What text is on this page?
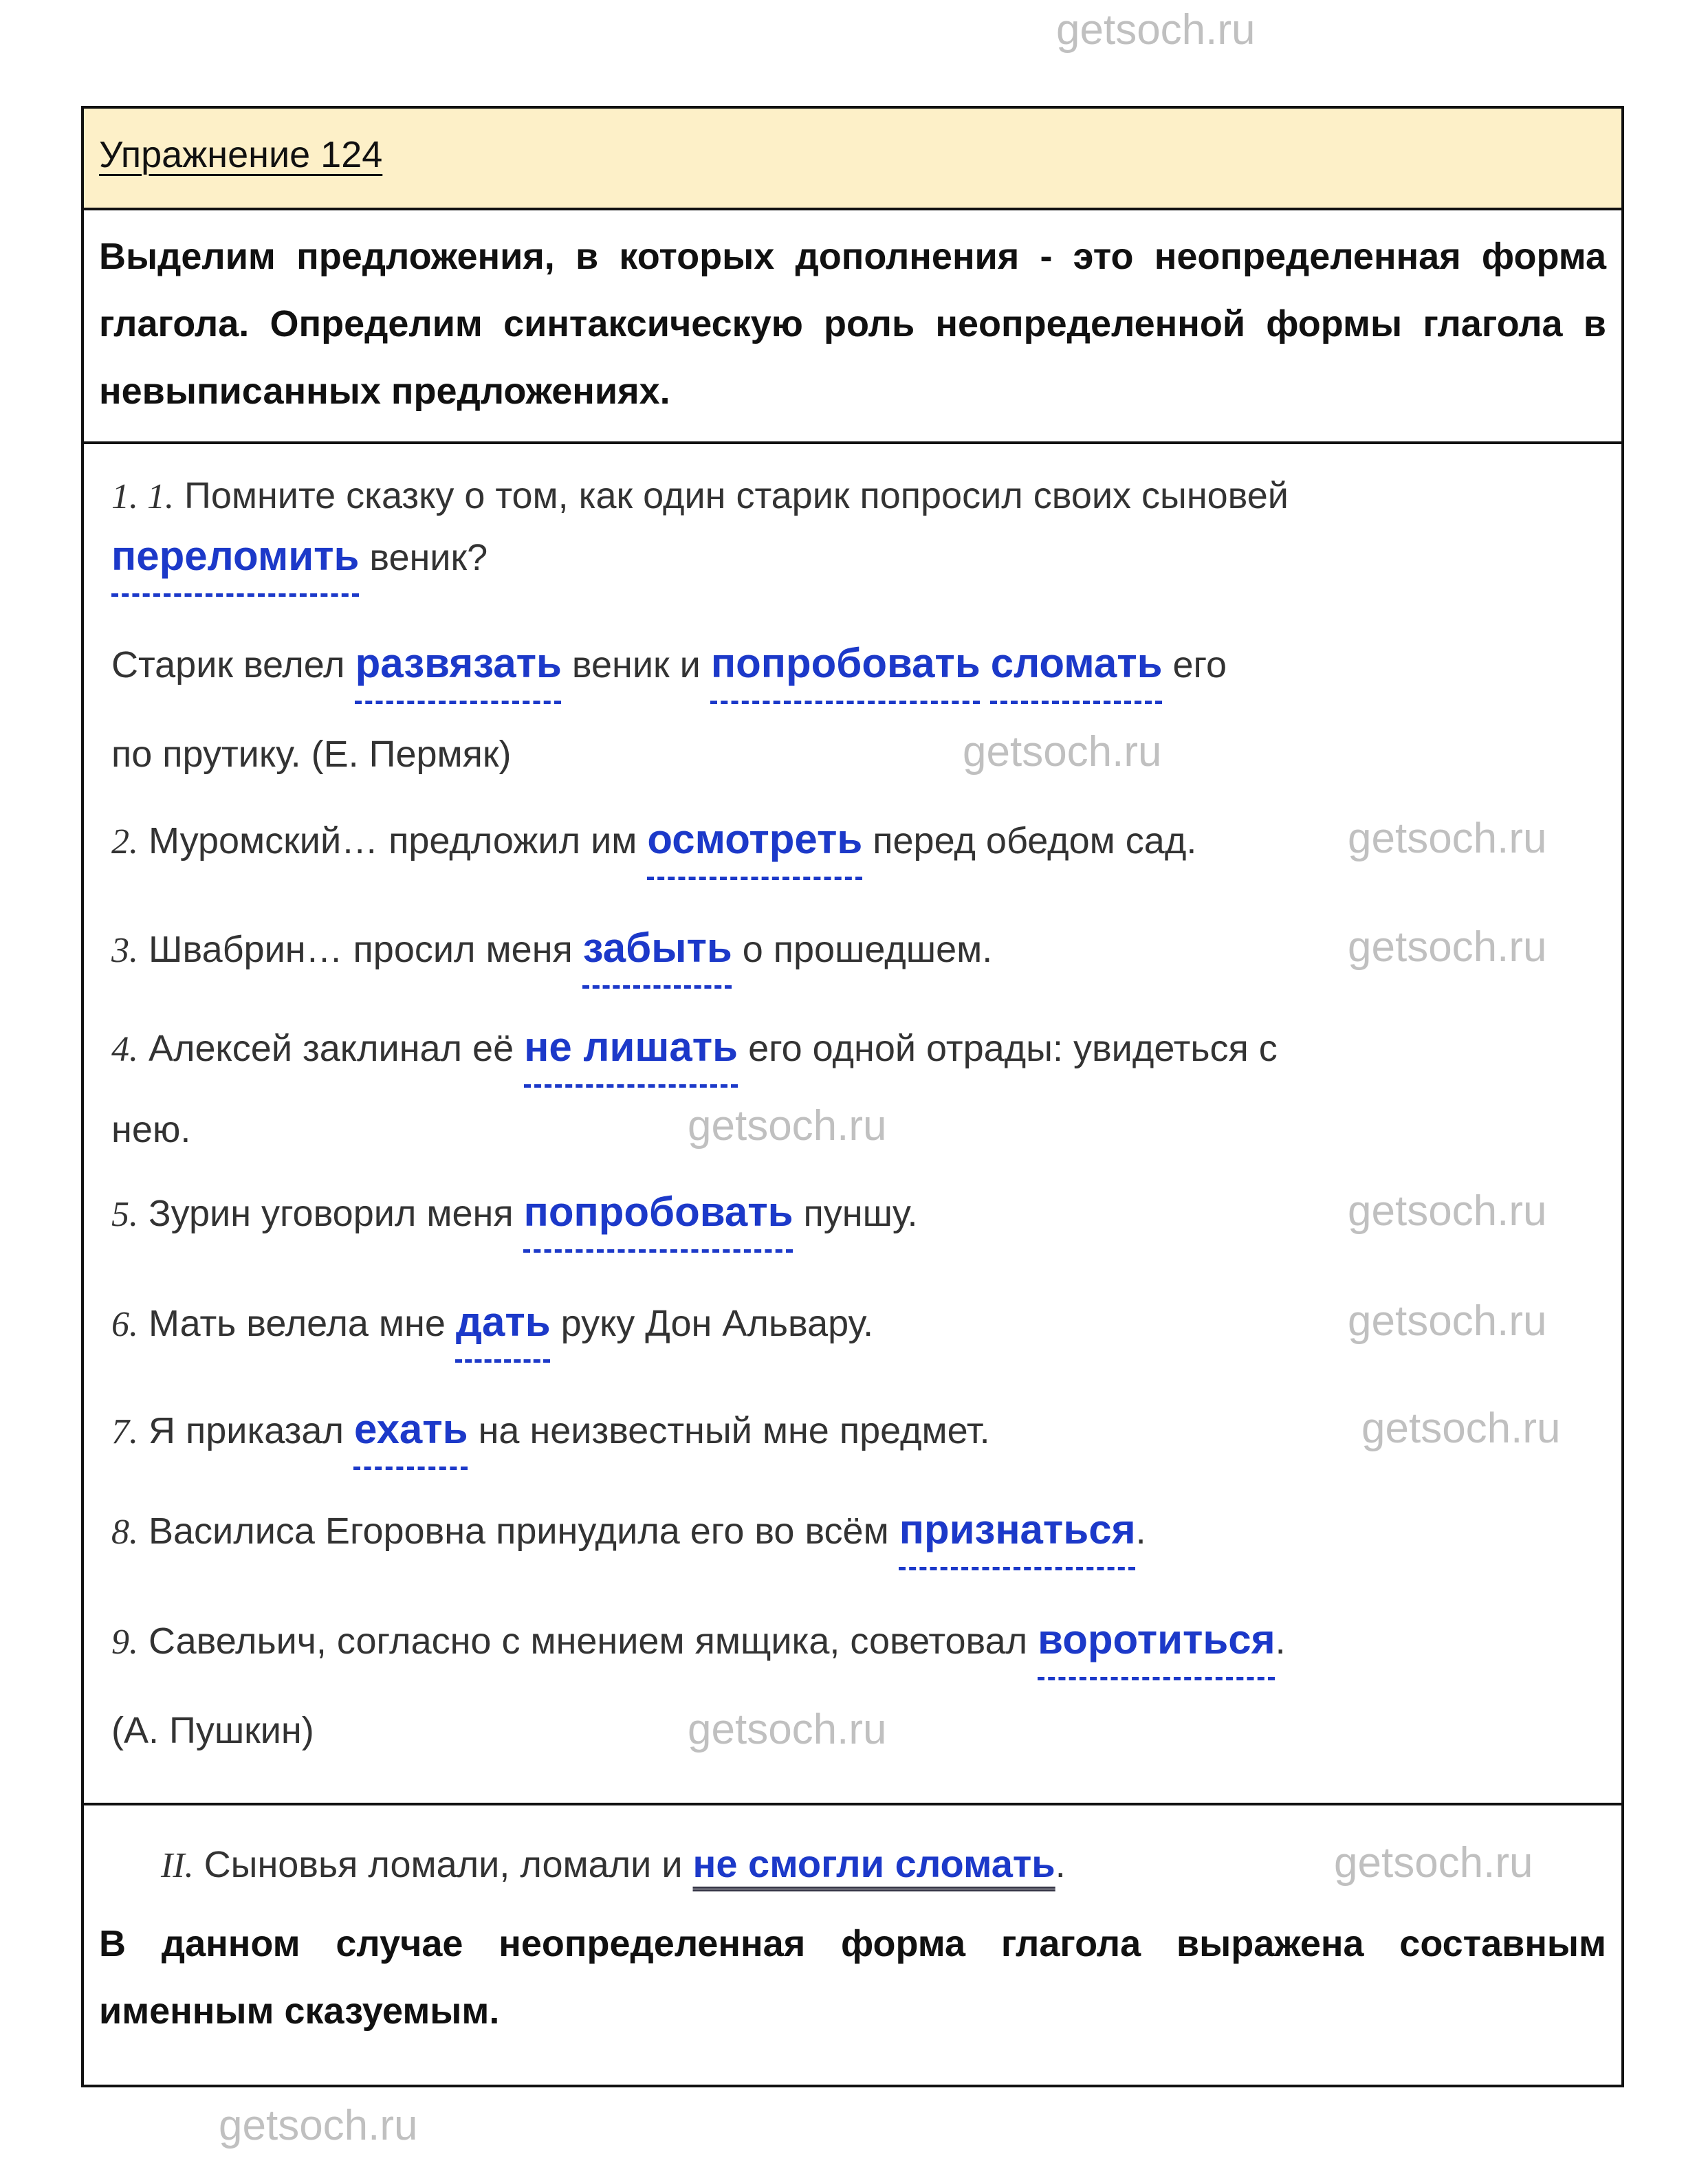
Упражнение 124

Выделим предложения, в которых дополнения - это неопределенная форма глагола. Определим синтаксическую роль неопределенной формы глагола в невыписанных предложениях.

1. 1. Помните сказку о том, как один старик попросил своих сыновей
переломить веник?
Старик велел развязать веник и попробовать сломать его
по прутику. (Е. Пермяк)
2. Муромский… предложил им осмотреть перед обедом сад.
3. Швабрин… просил меня забыть о прошедшем.
4. Алексей заклинал её не лишать его одной отрады: увидеться с
нею.
5. Зурин уговорил меня попробовать пуншу.
6. Мать велела мне дать руку Дон Альвару.
7. Я приказал ехать на неизвестный мне предмет.
8. Василиса Егоровна принудила его во всём признаться.
9. Савельич, согласно с мнением ямщика, советовал воротиться.
(А. Пушкин)
II. Сыновья ломали, ломали и не смогли сломать.

В данном случае неопределенная форма глагола выражена составным именным сказуемым.

getsoch.ru
getsoch.ru
getsoch.ru
getsoch.ru
getsoch.ru
getsoch.ru
getsoch.ru
getsoch.ru
getsoch.ru
getsoch.ru
getsoch.ru
